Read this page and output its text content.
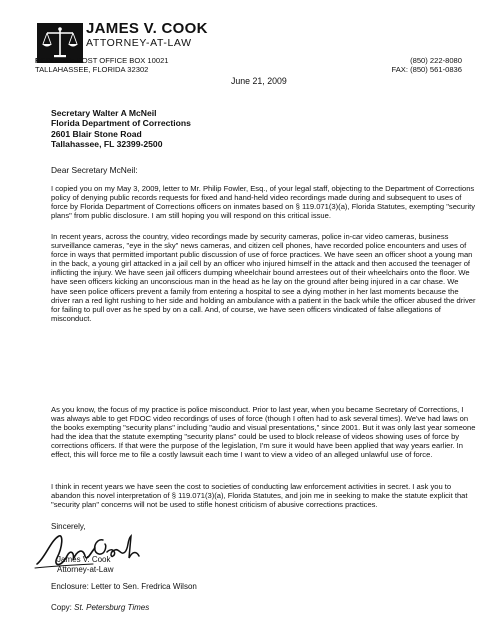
JAMES V. COOK
ATTORNEY-AT-LAW
REPLY TO: POST OFFICE BOX 10021
TALLAHASSEE, FLORIDA 32302
(850) 222-8080
FAX: (850) 561-0836
June 21, 2009
Secretary Walter A McNeil
Florida Department of Corrections
2601 Blair Stone Road
Tallahassee, FL 32399-2500
Dear Secretary McNeil:
I copied you on my May 3, 2009, letter to Mr. Philip Fowler, Esq., of your legal staff, objecting to the Department of Corrections policy of denying public records requests for fixed and hand-held video recordings made during and subsequent to uses of force by Florida Department of Corrections officers on inmates based on § 119.071(3)(a), Florida Statutes, exempting "security plans" from public disclosure. I am still hoping you will respond on this critical issue.
In recent years, across the country, video recordings made by security cameras, police in-car video cameras, business surveillance cameras, "eye in the sky" news cameras, and citizen cell phones, have recorded police encounters and uses of force in ways that permitted important public discussion of use of force practices. We have seen an officer shoot a young man in the back, a young girl attacked in a jail cell by an officer who injured himself in the attack and then accused the teenager of inflicting the injury. We have seen jail officers dumping wheelchair bound arrestees out of their wheelchairs onto the floor. We have seen officers kicking an unconscious man in the head as he lay on the ground after being injured in a car chase. We have seen police officers prevent a family from entering a hospital to see a dying mother in her last moments because the driver ran a red light rushing to her side and holding an ambulance with a patient in the back while the officer abused the driver for failing to pull over as he sped by on a call. And, of course, we have seen officers vindicated of false allegations of misconduct.
As you know, the focus of my practice is police misconduct. Prior to last year, when you became Secretary of Corrections, I was always able to get FDOC video recordings of uses of force (though I often had to ask several times). We've had laws on the books exempting "security plans" including "audio and visual presentations," since 2001. But it was only last year someone had the idea that the statute exempting "security plans" could be used to block release of videos showing uses of force by corrections officers. If that were the purpose of the legislation, I'm sure it would have been applied that way years earlier. In effect, this will force me to file a costly lawsuit each time I want to view a video of an alleged unlawful use of force.
I think in recent years we have seen the cost to societies of conducting law enforcement activities in secret. I ask you to abandon this novel interpretation of § 119.071(3)(a), Florida Statutes, and join me in seeking to make the statute explicit that "security plan" concerns will not be used to stifle honest criticism of abusive corrections practices.
Sincerely,
James V. Cook
Attorney-at-Law
Enclosure: Letter to Sen. Fredrica Wilson
Copy: St. Petersburg Times
